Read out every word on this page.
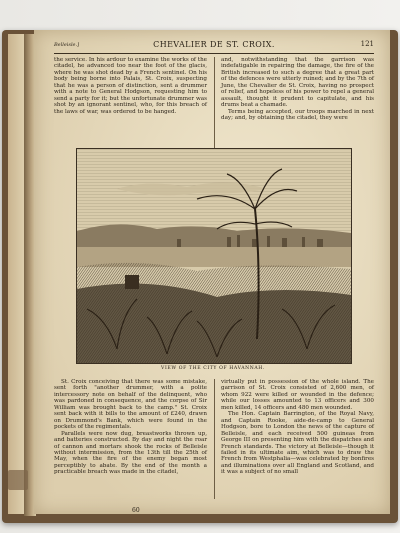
Belleisle.]	CHEVALIER DE ST. CROIX.	121

the service. In his ardour to examine the works of the citadel, he advanced too near the foot of the glacis, where he was shot dead by a French sentinel. On his body being borne into Palais, St. Croix, suspecting that he was a person of distinction, sent a drummer with a note to General Hodgson, requesting him to send a party for it; but the unfortunate drummer was shot by an ignorant sentinel, who, for this breach of the laws of war, was ordered to be hanged.

and, notwithstanding that the garrison was indefatigable in repairing the damage, the fire of the British increased to such a degree that a great part of the defences were utterly ruined; and by the 7th of June, the Chevalier de St. Croix, having no prospect of relief, and hopeless of his power to repel a general assault, thought it prudent to capitulate, and his drums beat a chamade.

Terms being accepted, our troops marched in next day; and, by obtaining the citadel, they were

VIEW OF THE CITY OF HAVANNAH.

St. Croix conceiving that there was some mistake, sent forth "another drummer, with a polite intercessory note on behalf of the delinquent, who was pardoned in consequence, and the corpse of Sir William was brought back to the camp." St. Croix sent back with it bills to the amount of £240, drawn on Drummond's Bank, which were found in the pockets of the regimentals.

Parallels were now dug, breastworks thrown up, and batteries constructed. By day and night the roar of cannon and mortars shook the rocks of Belleisle without intermission, from the 13th till the 25th of May, when the fire of the enemy began most perceptibly to abate. By the end of the month a practicable breach was made in the citadel,

virtually put in possession of the whole island. The garrison of St. Croix consisted of 2,600 men, of whom 922 were killed or wounded in the defence; while our losses amounted to 13 officers and 300 men killed, 14 officers and 480 men wounded.

The Hon. Captain Barrington, of the Royal Navy, and Captain Rooke, aide-de-camp to General Hodgson, bore to London the news of the capture of Belleisle, and each received 500 guineas from George III on presenting him with the dispatches and French standards. The victory at Belleisle—though it failed in its ultimate aim, which was to draw the French from Westphalia—was celebrated by bonfires and illuminations over all England and Scotland, and it was a subject of no small

60
